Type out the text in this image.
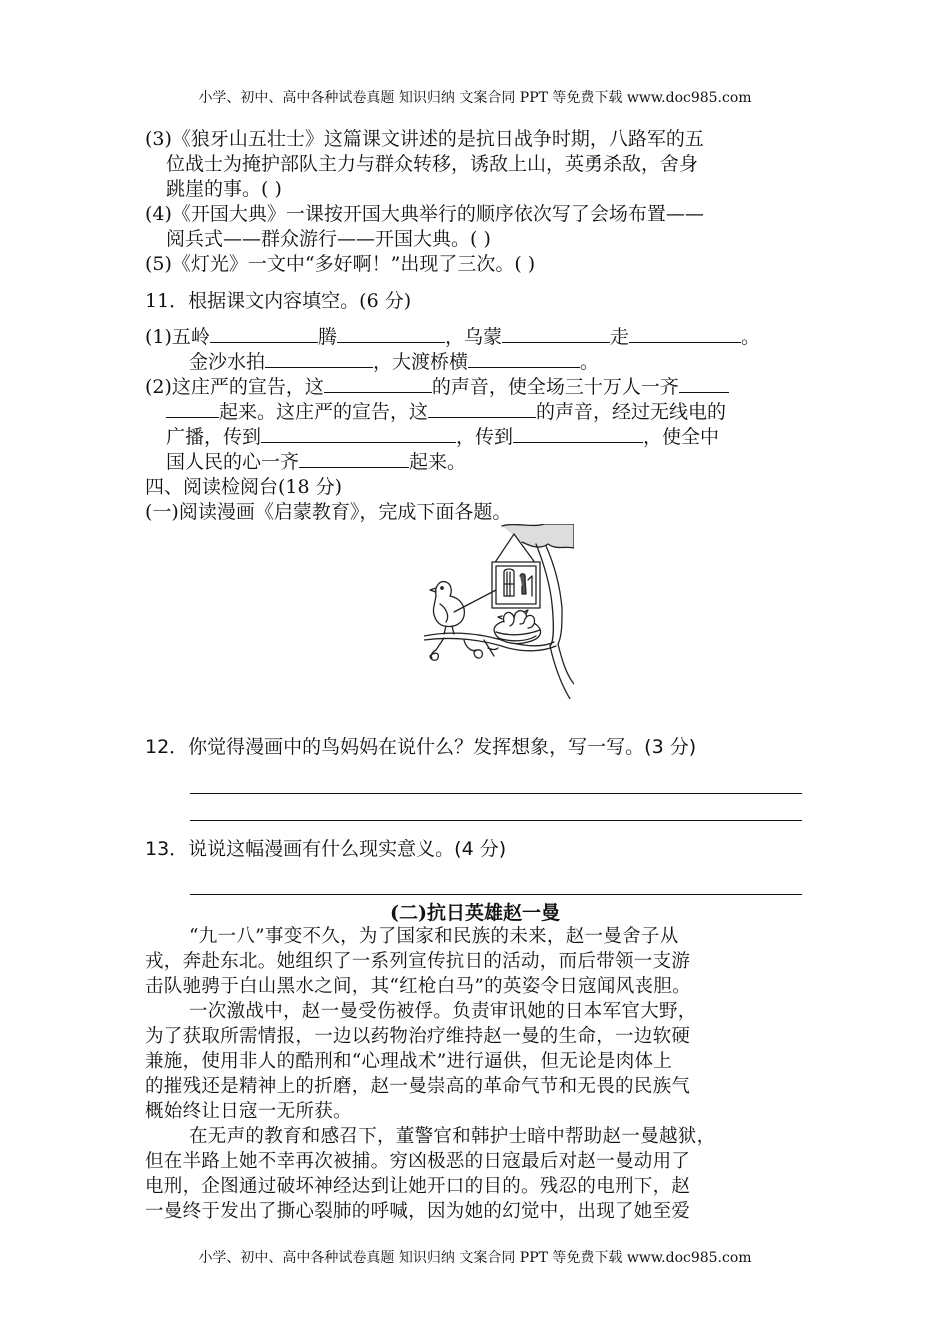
小学、初中、高中各种试卷真题 知识归纳 文案合同 PPT 等免费下载 www.doc985.com
(3)《狼牙山五壮士》这篇课文讲述的是抗日战争时期，八路军的五
位战士为掩护部队主力与群众转移，诱敌上山，英勇杀敌，舍身
跳崖的事。( )
(4)《开国大典》一课按开国大典举行的顺序依次写了会场布置——
阅兵式——群众游行——开国大典。( )
(5)《灯光》一文中“多好啊！”出现了三次。( )
11．根据课文内容填空。(6 分)
(1)五岭	腾	，乌蒙	走	。
金沙水拍	，大渡桥横	。
(2)这庄严的宣告，这	的声音，使全场三十万人一齐
起来。这庄严的宣告，这	的声音，经过无线电的
广播，传到	，传到	，使全中
国人民的心一齐	起来。
四、阅读检阅台(18 分)
(一)阅读漫画《启蒙教育》，完成下面各题。
12．你觉得漫画中的鸟妈妈在说什么？发挥想象，写一写。(3 分)
13．说说这幅漫画有什么现实意义。(4 分)
(二)抗日英雄赵一曼
“九一八”事变不久，为了国家和民族的未来，赵一曼舍子从
戎，奔赴东北。她组织了一系列宣传抗日的活动，而后带领一支游
击队驰骋于白山黑水之间，其“红枪白马”的英姿令日寇闻风丧胆。
一次激战中，赵一曼受伤被俘。负责审讯她的日本军官大野，
为了获取所需情报，一边以药物治疗维持赵一曼的生命，一边软硬
兼施，使用非人的酷刑和“心理战术”进行逼供，但无论是肉体上
的摧残还是精神上的折磨，赵一曼崇高的革命气节和无畏的民族气
概始终让日寇一无所获。
在无声的教育和感召下，董警官和韩护士暗中帮助赵一曼越狱，
但在半路上她不幸再次被捕。穷凶极恶的日寇最后对赵一曼动用了
电刑，企图通过破坏神经达到让她开口的目的。残忍的电刑下，赵
一曼终于发出了撕心裂肺的呼喊，因为她的幻觉中，出现了她至爱
小学、初中、高中各种试卷真题 知识归纳 文案合同 PPT 等免费下载 www.doc985.com
